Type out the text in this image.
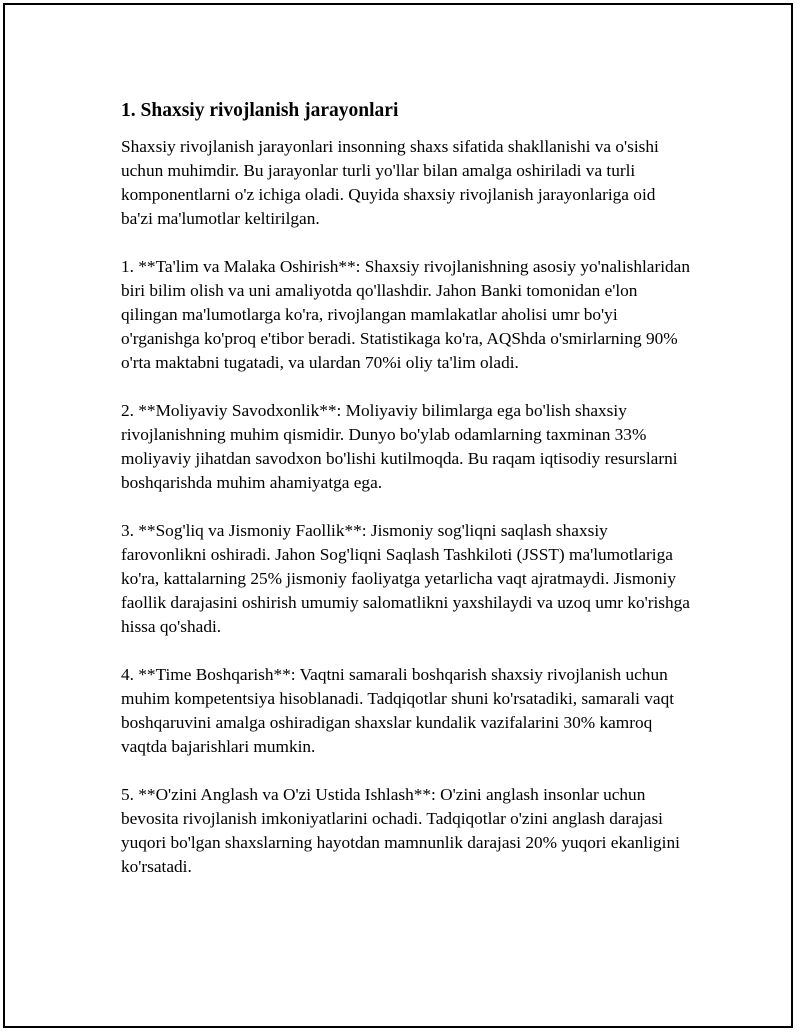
1. Shaxsiy rivojlanish jarayonlari

Shaxsiy rivojlanish jarayonlari insonning shaxs sifatida shakllanishi va o'sishi uchun muhimdir. Bu jarayonlar turli yo'llar bilan amalga oshiriladi va turli komponentlarni o'z ichiga oladi. Quyida shaxsiy rivojlanish jarayonlariga oid ba'zi ma'lumotlar keltirilgan.

1. **Ta'lim va Malaka Oshirish**: Shaxsiy rivojlanishning asosiy yo'nalishlaridan biri bilim olish va uni amaliyotda qo'llashdir. Jahon Banki tomonidan e'lon qilingan ma'lumotlarga ko'ra, rivojlangan mamlakatlar aholisi umr bo'yi o'rganishga ko'proq e'tibor beradi. Statistikaga ko'ra, AQShda o'smirlarning 90% o'rta maktabni tugatadi, va ulardan 70%i oliy ta'lim oladi.

2. **Moliyaviy Savodxonlik**: Moliyaviy bilimlarga ega bo'lish shaxsiy rivojlanishning muhim qismidir. Dunyo bo'ylab odamlarning taxminan 33% moliyaviy jihatdan savodxon bo'lishi kutilmoqda. Bu raqam iqtisodiy resurslarni boshqarishda muhim ahamiyatga ega.

3. **Sog'liq va Jismoniy Faollik**: Jismoniy sog'liqni saqlash shaxsiy farovonlikni oshiradi. Jahon Sog'liqni Saqlash Tashkiloti (JSST) ma'lumotlariga ko'ra, kattalarning 25% jismoniy faoliyatga yetarlicha vaqt ajratmaydi. Jismoniy faollik darajasini oshirish umumiy salomatlikni yaxshilaydi va uzoq umr ko'rishga hissa qo'shadi.

4. **Time Boshqarish**: Vaqtni samarali boshqarish shaxsiy rivojlanish uchun muhim kompetentsiya hisoblanadi. Tadqiqotlar shuni ko'rsatadiki, samarali vaqt boshqaruvini amalga oshiradigan shaxslar kundalik vazifalarini 30% kamroq vaqtda bajarishlari mumkin.

5. **O'zini Anglash va O'zi Ustida Ishlash**: O'zini anglash insonlar uchun bevosita rivojlanish imkoniyatlarini ochadi. Tadqiqotlar o'zini anglash darajasi yuqori bo'lgan shaxslarning hayotdan mamnunlik darajasi 20% yuqori ekanligini ko'rsatadi.
